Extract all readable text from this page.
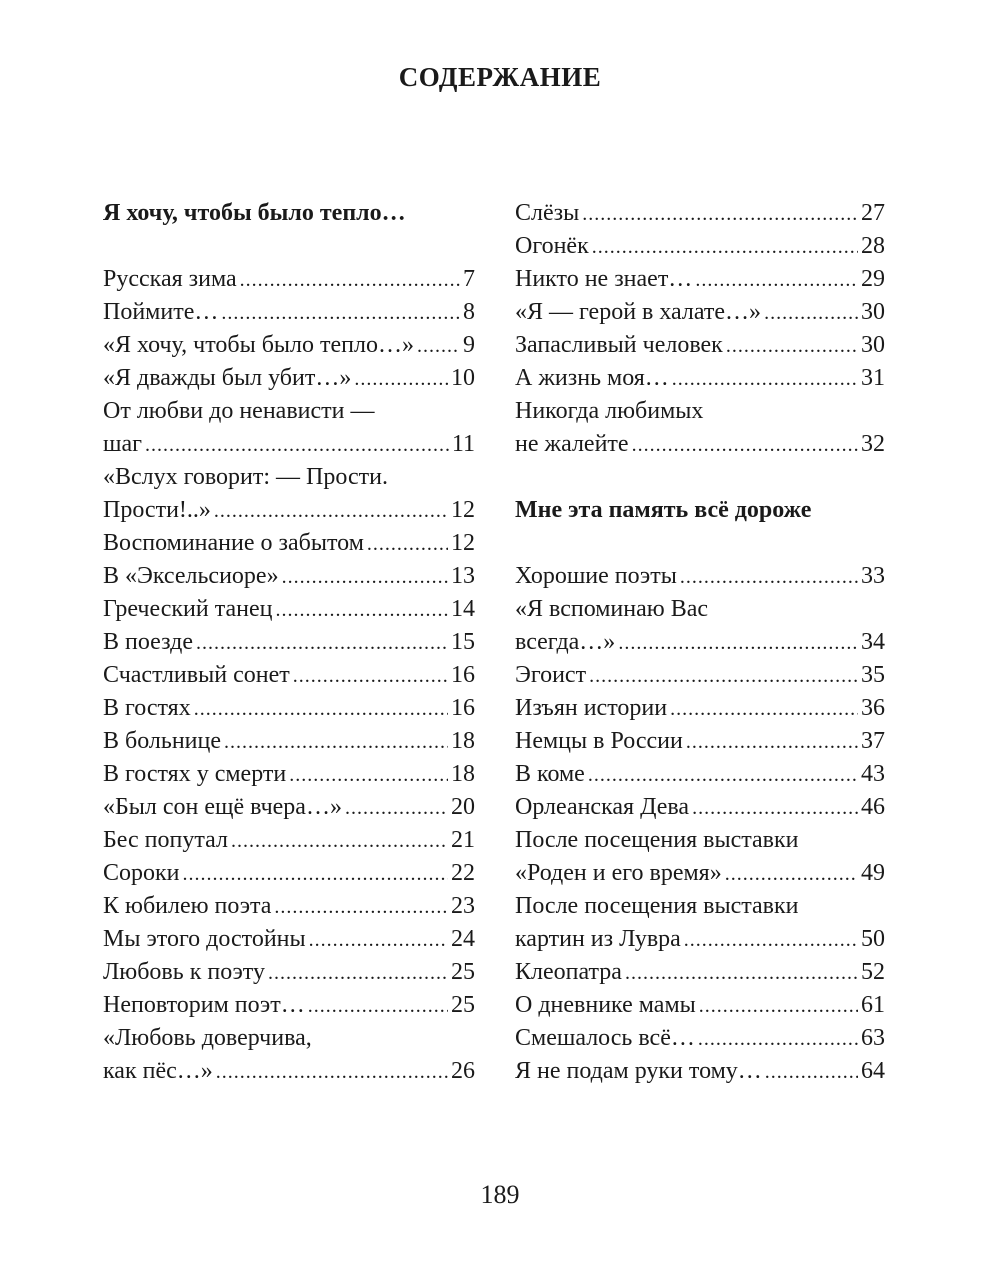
СОДЕРЖАНИЕ
Я хочу, чтобы было тепло…
Русская зима .....	7
Поймите… .....	8
«Я хочу, чтобы было тепло…» ..... 9
«Я дважды был убит…» .....	10
От любви до ненависти —
шаг .....	11
«Вслух говорит: — Прости.
Прости!..» .....	12
Воспоминание о забытом .....	12
В «Эксельсиоре» .....	13
Греческий танец .....	14
В поезде .....	15
Счастливый сонет .....	16
В гостях .....	16
В больнице .....	18
В гостях у смерти .....	18
«Был сон ещё вчера…» .....	20
Бес попутал .....	21
Сороки .....	22
К юбилею поэта .....	23
Мы этого достойны .....	24
Любовь к поэту .....	25
Неповторим поэт… .....	25
«Любовь доверчива,
как пёс…» .....	26
Слёзы .....	27
Огонёк .....	28
Никто не знает… .....	29
«Я — герой в халате…» .....	30
Запасливый человек .....	30
А жизнь моя… .....	31
Никогда любимых
не жалейте .....	32
Мне эта память всё дороже
Хорошие поэты .....	33
«Я вспоминаю Вас
всегда…» .....	34
Эгоист .....	35
Изъян истории .....	36
Немцы в России .....	37
В коме .....	43
Орлеанская Дева .....	46
После посещения выставки
«Роден и его время» .....	49
После посещения выставки
картин из Лувра .....	50
Клеопатра .....	52
О дневнике мамы .....	61
Смешалось всё… .....	63
Я не подам руки тому… .....	64
189
